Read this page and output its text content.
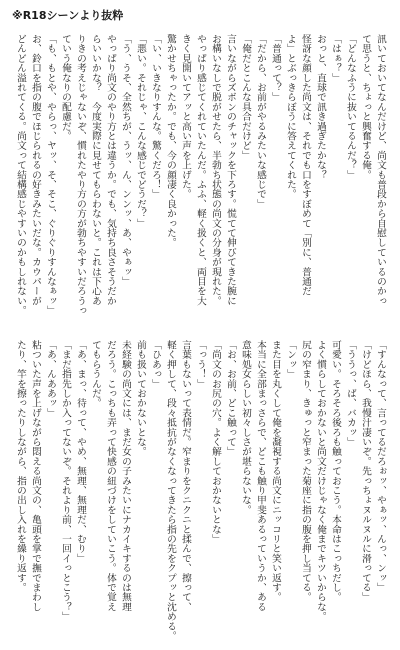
※R18シーンより抜粋
訊いておいてなんだけど、尚文も普段から自慰しているのかっ
て思うと、ちょっと興奮する俺。
「どんなふうに抜いてるんだ？」
「はぁ？」
おっと、直球で訊き過ぎたかな？
怪訝な顔した尚文は、それでも口をすぼめて「別に、普通だ
よ」とぶっきらぼうに答えてくれた。
「普通って？」
「だから、お前がやるみたいな感じで」
「俺だとこんな具合だけど」
言いながらズボンのチャックを下ろす。慌てて伸びてきた腕に
お構いなしで脱がせたら、半勃ち状態の尚文の分身が現れた。
やっぱり感じてくれていたんだ。ふふ、軽く扱くと、両目を大
きく見開いてアッと高い声を上げた。
驚かせちゃったか。でも、今の顔凄く良かった。
「い、いきなりすんな。驚くだろ！」
「悪い。それじゃ、こんな感じでどうだ？」
「う、うそ、全然ちが、うッ、ん、ンンッ、あ、やぁッ」
やっぱり尚文のやり方とは違うか。でも、気持ち良さそうだか
らいいかな？　今度実際に見せてもらわないと。これは下心あ
りきの考えじゃないぞ、慣れたやり方の方が勃ちやすいだろうっ
ていう俺なりの配慮だ。
「も、もとや、やらっ、ヤッ、そ、そこ、ぐりぐりすんなぁッ」
お、鈴口を指の腹でほじられるの好きみたいだな。カウパーが
どんどん溢れてくる。尚文って結構感じやすいのかもしれない。
「すんなって、言ってるだろぉッ、やぁッ、んっ、ンッ」
「けどほら、我慢汁凄いぞ。先っちょヌルヌルに滑ってる」
「ううっ、ば、バカッ」
可愛い。そろそろ後ろも触っておこう。本命はこっちだし。
よく慣らしておかないと尚文だけじゃなく俺までキツいからな。
尻の窄まり、きゅっと窄まった菊座に指の腹を押し当てる。
「ンッ」
また目を丸くして俺を凝視する尚文にニッコリと笑い返す。
本当に全部まっさらで、どこも触り甲斐あるっていうか、ある
意味処女らしい初々しさが堪らないな。
「お、お前、どこ触って」
「尚文のお尻の穴。よく解しておかないとな」
「っう！」
言葉もないって表情だ。窄まりをクニクニと揉んで、擦って、
軽く押して、段々抵抗がなくなってきたら指の先をクプッと沈める。
「ひあっ」
前も扱いておかないとな。
未経験の尚文には、まだ女の子みたいにナカイキするのは無理
だろう。こっちも弄って快感の紐づけをしていこう。体で覚え
てもらうんだ。
「あ、まっ、待って、やめ、無理、無理だ、むり」
「まだ指先しか入ってないぞ。それより前、一回イっとこう？」
「あ、んああッ」
粘ついた声を上げながら悶える尚文の、亀頭を掌で撫でまわし
たり、竿を擦ったりしながら、指の出し入れを繰り返す。
